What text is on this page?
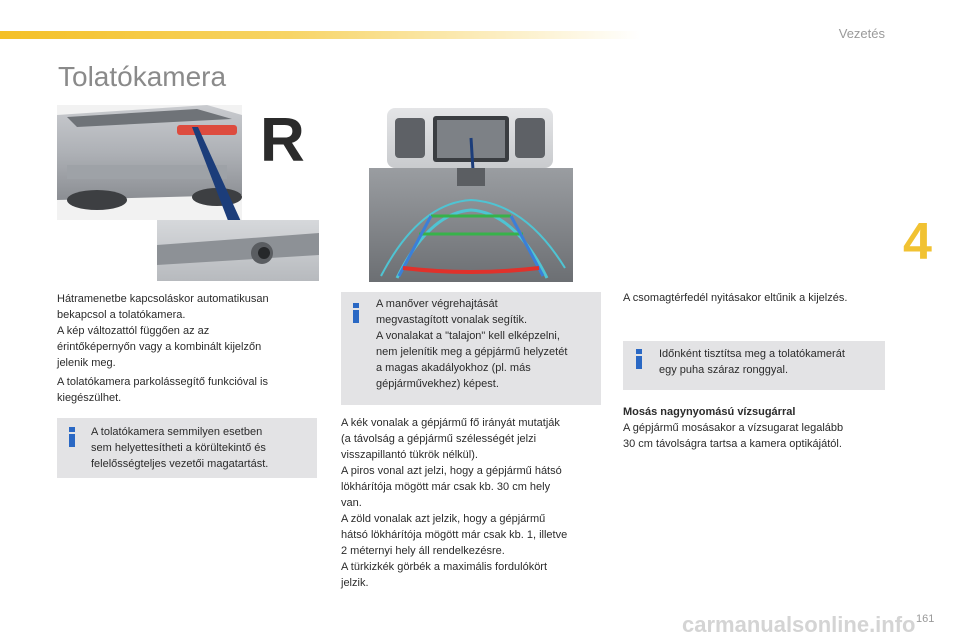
Vezetés
4
Tolatókamera
R

Hátramenetbe kapcsoláskor automatikusan
bekapcsol a tolatókamera.
A kép változattól függően az az
érintőképernyőn vagy a kombinált kijelzőn
jelenik meg.

A tolatókamera parkolássegítő funkcióval is
kiegészülhet.

A tolatókamera semmilyen esetben
sem helyettesítheti a körültekintő és
felelősségteljes vezetői magatartást.
A manőver végrehajtását
megvastagított vonalak segítik.
A vonalakat a "talajon" kell elképzelni,
nem jelenítik meg a gépjármű helyzetét
a magas akadályokhoz (pl. más
gépjárművekhez) képest.

A kék vonalak a gépjármű fő irányát mutatják
(a távolság a gépjármű szélességét jelzi
visszapillantó tükrök nélkül).
A piros vonal azt jelzi, hogy a gépjármű hátsó
lökhárítója mögött már csak kb. 30 cm hely
van.
A zöld vonalak azt jelzik, hogy a gépjármű
hátsó lökhárítója mögött már csak kb. 1, illetve
2 méternyi hely áll rendelkezésre.
A türkizkék görbék a maximális fordulókört
jelzik.

A csomagtérfedél nyitásakor eltűnik a kijelzés.

Időnként tisztítsa meg a tolatókamerát
egy puha száraz ronggyal.

Mosás nagynyomású vízsugárral

A gépjármű mosásakor a vízsugarat legalább
30 cm távolságra tartsa a kamera optikájától.

carmanualsonline.info 161
